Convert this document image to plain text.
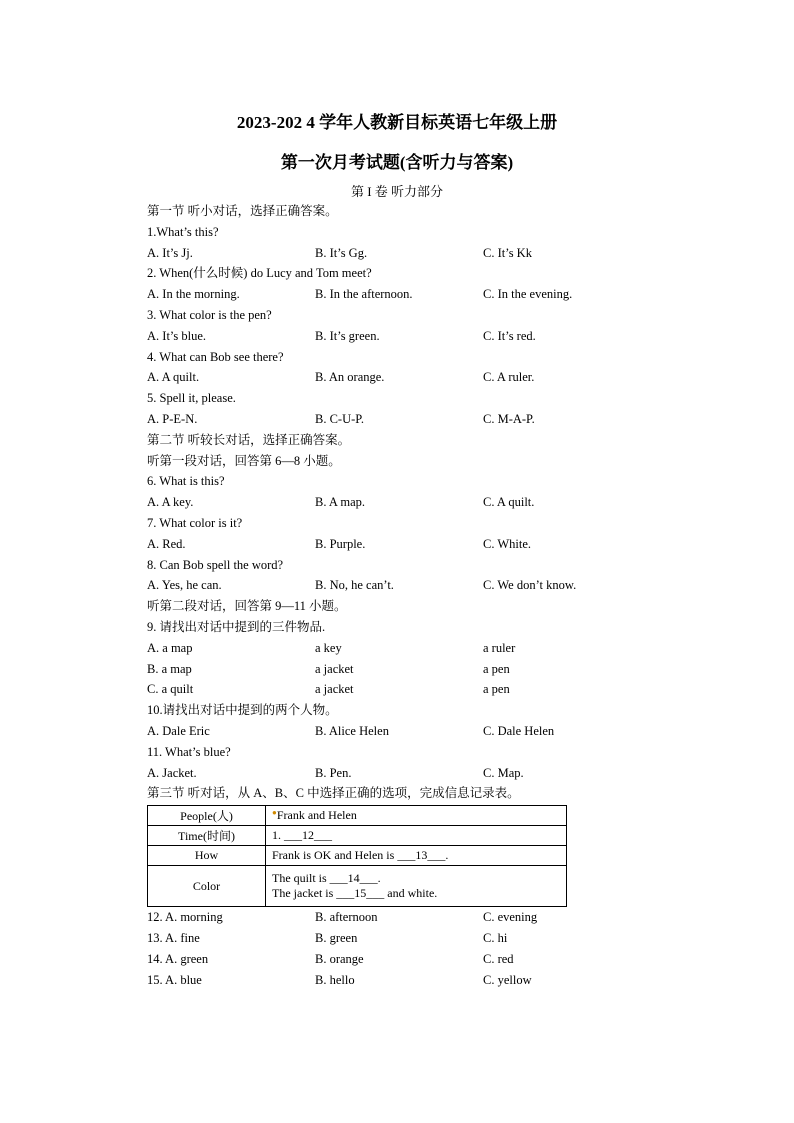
2023-202 4 学年人教新目标英语七年级上册
第一次月考试题(含听力与答案)
第 I 卷 听力部分
第一节 听小对话，选择正确答案。
1.What’s this?
A. It’s Jj.	B. It’s Gg.	C. It’s Kk
2. When(什么时候) do Lucy and Tom meet?
A. In the morning.	B. In the afternoon.	C. In the evening.
3. What color is the pen?
A. It’s blue.	B. It’s green.	C. It’s red.
4. What can Bob see there?
A. A quilt.	B. An orange.	C. A ruler.
5. Spell it, please.
A. P-E-N.	B. C-U-P.	C. M-A-P.
第二节 听较长对话，选择正确答案。
听第一段对话，回答第 6—8 小题。
6. What is this?
A. A key.	B. A map.	C. A quilt.
7. What color is it?
A. Red.	B. Purple.	C. White.
8. Can Bob spell the word?
A. Yes, he can.	B. No, he can’t.	C. We don’t know.
听第二段对话，回答第 9—11 小题。
9. 请找出对话中提到的三件物品.
A. a map	a key	a ruler
B. a map	a jacket	a pen
C. a quilt	a jacket	a pen
10.请找出对话中提到的两个人物。
A. Dale Eric	B. Alice Helen	C. Dale Helen
11. What’s blue?
A. Jacket.	B. Pen.	C. Map.
第三节 听对话，从 A、B、C 中选择正确的选项，完成信息记录表。
People(人)	●Frank and Helen
Time(时间)	1. ___12___
How	Frank is OK and Helen is ___13___.
Color	The quilt is ___14___.
The jacket is ___15___ and white.
12. A. morning	B. afternoon	C. evening
13. A. fine	B. green	C. hi
14. A. green	B. orange	C. red
15. A. blue	B. hello	C. yellow
